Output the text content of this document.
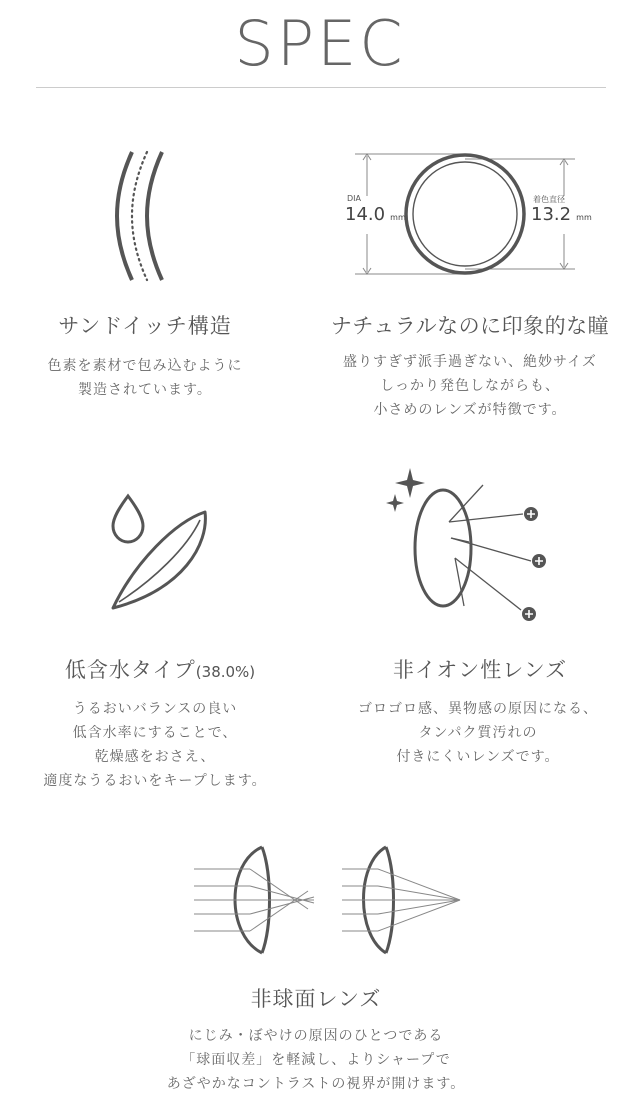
SPEC
サンドイッチ構造
色素を素材で包み込むように
製造されています。
DIA
14.0 mm
着色直径
13.2 mm
ナチュラルなのに印象的な瞳
盛りすぎず派手過ぎない、絶妙サイズ
しっかり発色しながらも、
小さめのレンズが特徴です。
低含水タイプ(38.0%)
うるおいバランスの良い
低含水率にすることで、
乾燥感をおさえ、
適度なうるおいをキープします。
非イオン性レンズ
ゴロゴロ感、異物感の原因になる、
タンパク質汚れの
付きにくいレンズです。
非球面レンズ
にじみ・ぼやけの原因のひとつである
「球面収差」を軽減し、よりシャープで
あざやかなコントラストの視界が開けます。
